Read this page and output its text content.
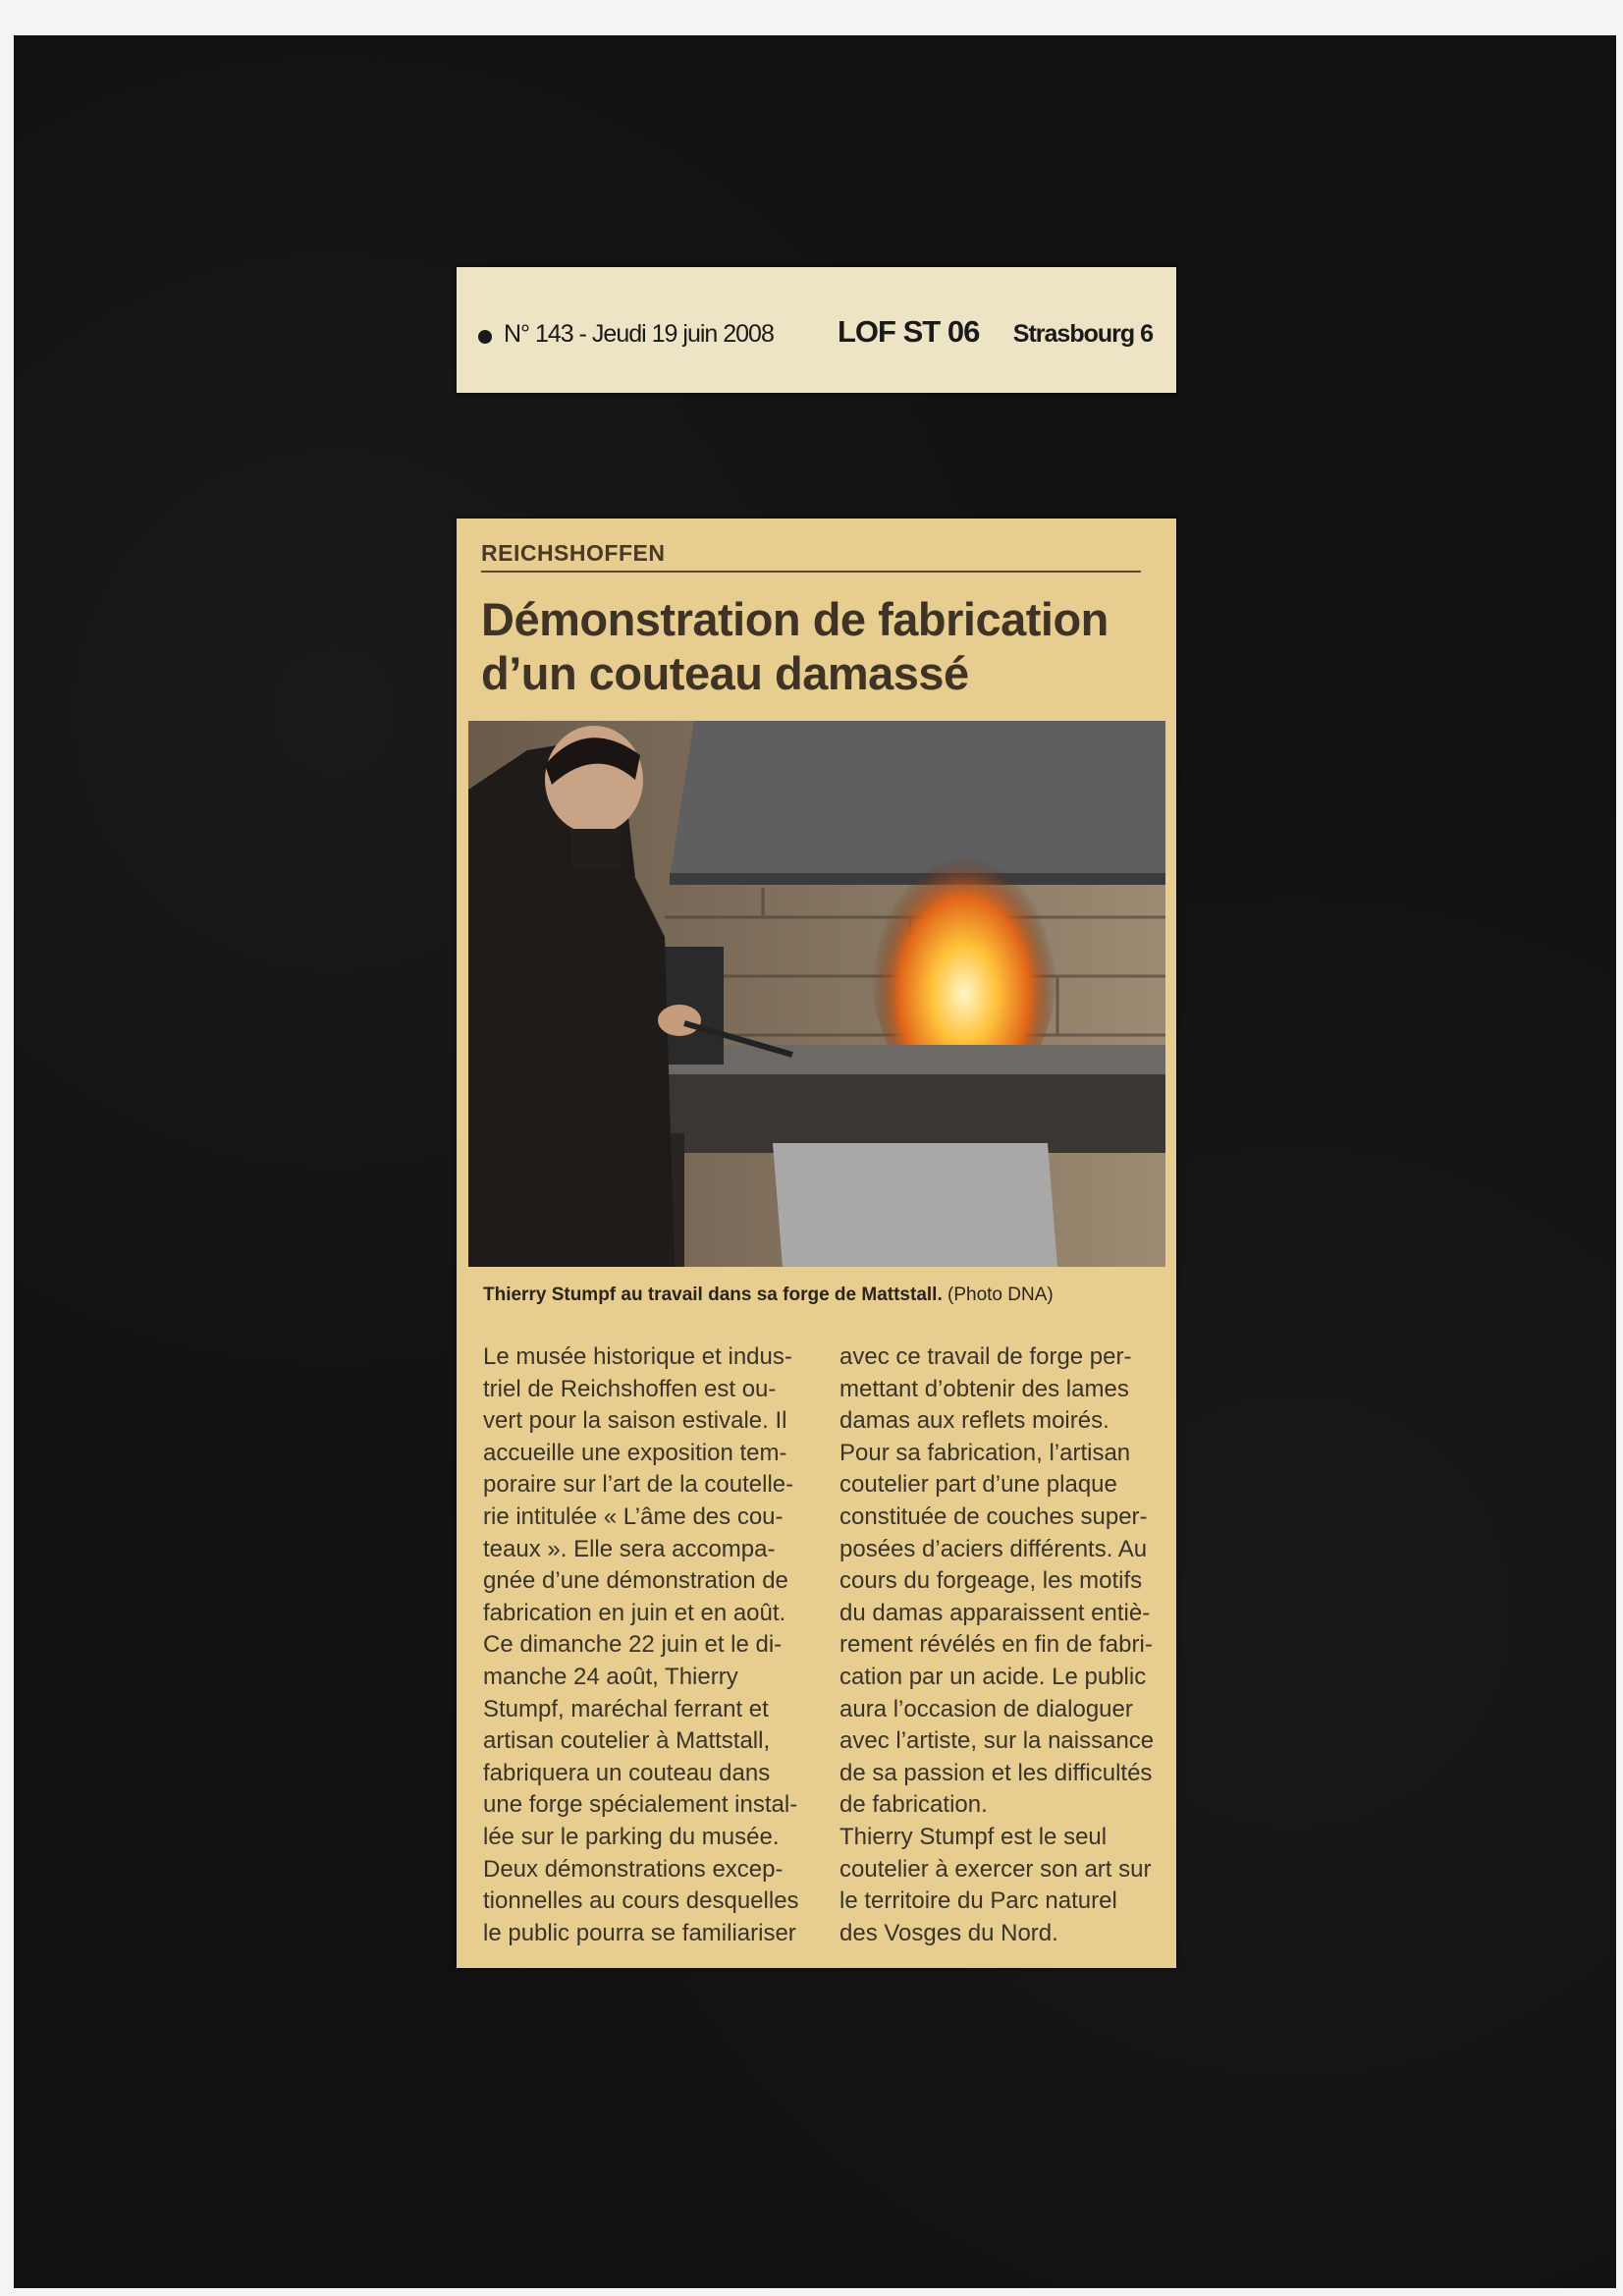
N° 143 - Jeudi 19 juin 2008 LOF ST 06 Strasbourg 6
REICHSHOFFEN
Démonstration de fabrication
d’un couteau damassé
Thierry Stumpf au travail dans sa forge de Mattstall. (Photo DNA)

Le musée historique et indus-

triel de Reichshoffen est ou-

vert pour la saison estivale. Il

accueille une exposition tem-

poraire sur l’art de la coutelle-

rie intitulée « L’âme des cou-

teaux ». Elle sera accompa-

gnée d’une démonstration de

fabrication en juin et en août.

Ce dimanche 22 juin et le di-

manche 24 août, Thierry

Stumpf, maréchal ferrant et

artisan coutelier à Mattstall,

fabriquera un couteau dans

une forge spécialement instal-

lée sur le parking du musée.

Deux démonstrations excep-

tionnelles au cours desquelles

le public pourra se familiariser

avec ce travail de forge per-

mettant d’obtenir des lames

damas aux reflets moirés.

Pour sa fabrication, l’artisan

coutelier part d’une plaque

constituée de couches super-

posées d’aciers différents. Au

cours du forgeage, les motifs

du damas apparaissent entiè-

rement révélés en fin de fabri-

cation par un acide. Le public

aura l’occasion de dialoguer

avec l’artiste, sur la naissance

de sa passion et les difficultés

de fabrication.

Thierry Stumpf est le seul

coutelier à exercer son art sur

le territoire du Parc naturel

des Vosges du Nord.
